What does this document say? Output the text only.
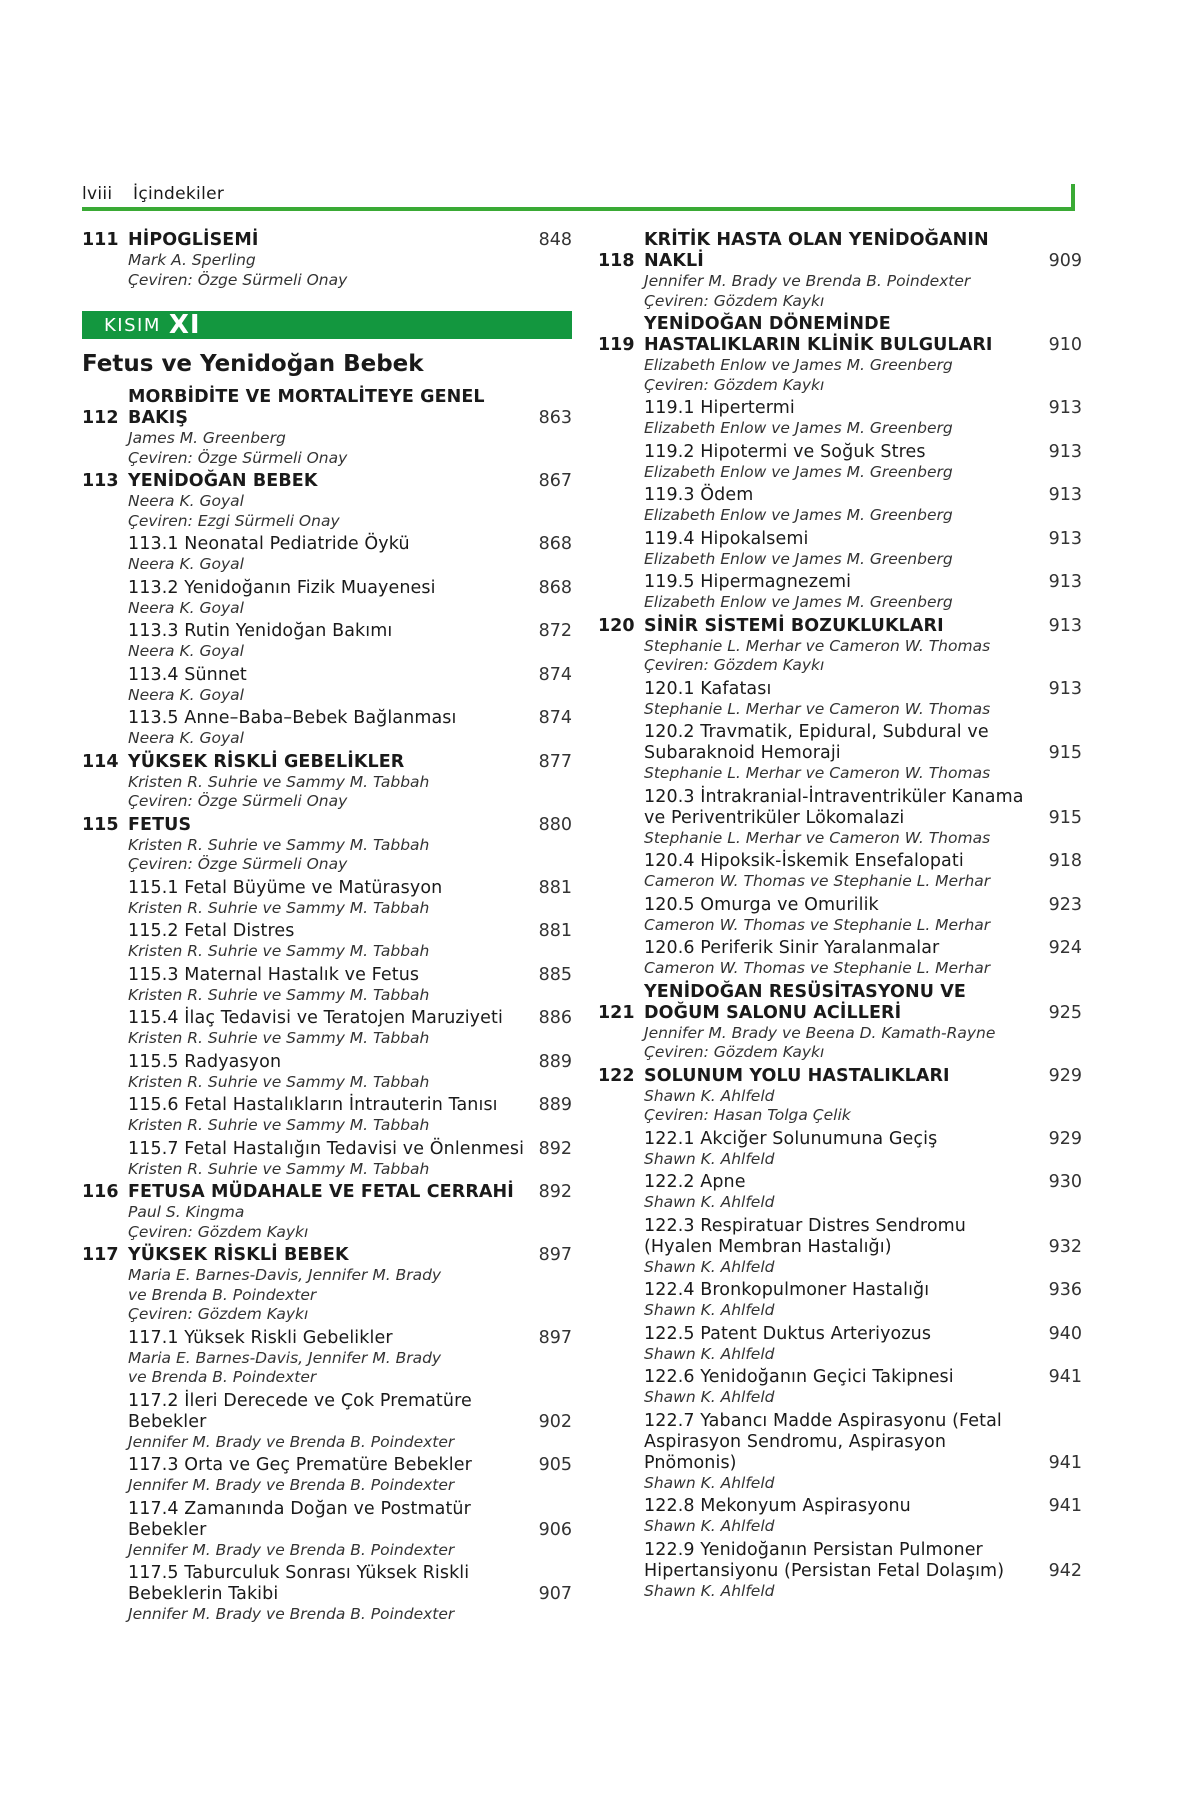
lviii İçindekiler
111 HİPOGLİSEMİ	848
Mark A. Sperling
Çeviren: Özge Sürmeli Onay
KISIM XI
Fetus ve Yenidoğan Bebek
112
MORBİDİTE VE MORTALİTEYE GENEL BAKIŞ	863
James M. Greenberg
Çeviren: Özge Sürmeli Onay
113 YENİDOĞAN BEBEK	867
Neera K. Goyal
Çeviren: Ezgi Sürmeli Onay
113.1 Neonatal Pediatride Öykü	868
Neera K. Goyal
113.2 Yenidoğanın Fizik Muayenesi	868
Neera K. Goyal
113.3 Rutin Yenidoğan Bakımı	872
Neera K. Goyal
113.4 Sünnet	874
Neera K. Goyal
113.5 Anne–Baba–Bebek Bağlanması	874
Neera K. Goyal
114 YÜKSEK RİSKLİ GEBELİKLER	877
Kristen R. Suhrie ve Sammy M. Tabbah
Çeviren: Özge Sürmeli Onay
115 FETUS	880
Kristen R. Suhrie ve Sammy M. Tabbah
Çeviren: Özge Sürmeli Onay
115.1 Fetal Büyüme ve Matürasyon	881
Kristen R. Suhrie ve Sammy M. Tabbah
115.2 Fetal Distres	881
Kristen R. Suhrie ve Sammy M. Tabbah
115.3 Maternal Hastalık ve Fetus	885
Kristen R. Suhrie ve Sammy M. Tabbah
115.4 İlaç Tedavisi ve Teratojen Maruziyeti	886
Kristen R. Suhrie ve Sammy M. Tabbah
115.5 Radyasyon	889
Kristen R. Suhrie ve Sammy M. Tabbah
115.6 Fetal Hastalıkların İntrauterin Tanısı	889
Kristen R. Suhrie ve Sammy M. Tabbah
115.7 Fetal Hastalığın Tedavisi ve Önlenmesi 892
Kristen R. Suhrie ve Sammy M. Tabbah
116 FETUSA MÜDAHALE VE FETAL CERRAHİ	892
Paul S. Kingma
Çeviren: Gözdem Kaykı
117 YÜKSEK RİSKLİ BEBEK	897
Maria E. Barnes-Davis, Jennifer M. Brady
ve Brenda B. Poindexter
Çeviren: Gözdem Kaykı
117.1 Yüksek Riskli Gebelikler	897
Maria E. Barnes-Davis, Jennifer M. Brady
ve Brenda B. Poindexter
117.2 İleri Derecede ve Çok Prematüre Bebekler	902
Jennifer M. Brady ve Brenda B. Poindexter
117.3 Orta ve Geç Prematüre Bebekler	905
Jennifer M. Brady ve Brenda B. Poindexter
117.4 Zamanında Doğan ve Postmatür Bebekler	906
Jennifer M. Brady ve Brenda B. Poindexter
117.5 Taburculuk Sonrası Yüksek Riskli Bebeklerin Takibi	907
Jennifer M. Brady ve Brenda B. Poindexter
118
KRİTİK HASTA OLAN YENİDOĞANIN NAKLİ	909
Jennifer M. Brady ve Brenda B. Poindexter
Çeviren: Gözdem Kaykı
119
YENİDOĞAN DÖNEMİNDE HASTALIKLARIN KLİNİK BULGULARI	910
Elizabeth Enlow ve James M. Greenberg
Çeviren: Gözdem Kaykı
119.1 Hipertermi	913
Elizabeth Enlow ve James M. Greenberg
119.2 Hipotermi ve Soğuk Stres	913
Elizabeth Enlow ve James M. Greenberg
119.3 Ödem	913
Elizabeth Enlow ve James M. Greenberg
119.4 Hipokalsemi	913
Elizabeth Enlow ve James M. Greenberg
119.5 Hipermagnezemi	913
Elizabeth Enlow ve James M. Greenberg
120 SİNİR SİSTEMİ BOZUKLUKLARI	913
Stephanie L. Merhar ve Cameron W. Thomas
Çeviren: Gözdem Kaykı
120.1 Kafatası	913
Stephanie L. Merhar ve Cameron W. Thomas
120.2 Travmatik, Epidural, Subdural ve Subaraknoid Hemoraji	915
Stephanie L. Merhar ve Cameron W. Thomas
120.3 İntrakranial-İntraventriküler Kanama ve Periventriküler Lökomalazi	915
Stephanie L. Merhar ve Cameron W. Thomas
120.4 Hipoksik-İskemik Ensefalopati	918
Cameron W. Thomas ve Stephanie L. Merhar
120.5 Omurga ve Omurilik	923
Cameron W. Thomas ve Stephanie L. Merhar
120.6 Periferik Sinir Yaralanmalar	924
Cameron W. Thomas ve Stephanie L. Merhar
121
YENİDOĞAN RESÜSİTASYONU VE DOĞUM SALONU ACİLLERİ	925
Jennifer M. Brady ve Beena D. Kamath-Rayne
Çeviren: Gözdem Kaykı
122 SOLUNUM YOLU HASTALIKLARI	929
Shawn K. Ahlfeld
Çeviren: Hasan Tolga Çelik
122.1 Akciğer Solunumuna Geçiş	929
Shawn K. Ahlfeld
122.2 Apne	930
Shawn K. Ahlfeld
122.3 Respiratuar Distres Sendromu (Hyalen Membran Hastalığı)	932
Shawn K. Ahlfeld
122.4 Bronkopulmoner Hastalığı	936
Shawn K. Ahlfeld
122.5 Patent Duktus Arteriyozus	940
Shawn K. Ahlfeld
122.6 Yenidoğanın Geçici Takipnesi	941
Shawn K. Ahlfeld
122.7 Yabancı Madde Aspirasyonu (Fetal Aspirasyon Sendromu, Aspirasyon Pnömonis)	941
Shawn K. Ahlfeld
122.8 Mekonyum Aspirasyonu	941
Shawn K. Ahlfeld
122.9 Yenidoğanın Persistan Pulmoner Hipertansiyonu (Persistan Fetal Dolaşım)	942
Shawn K. Ahlfeld
